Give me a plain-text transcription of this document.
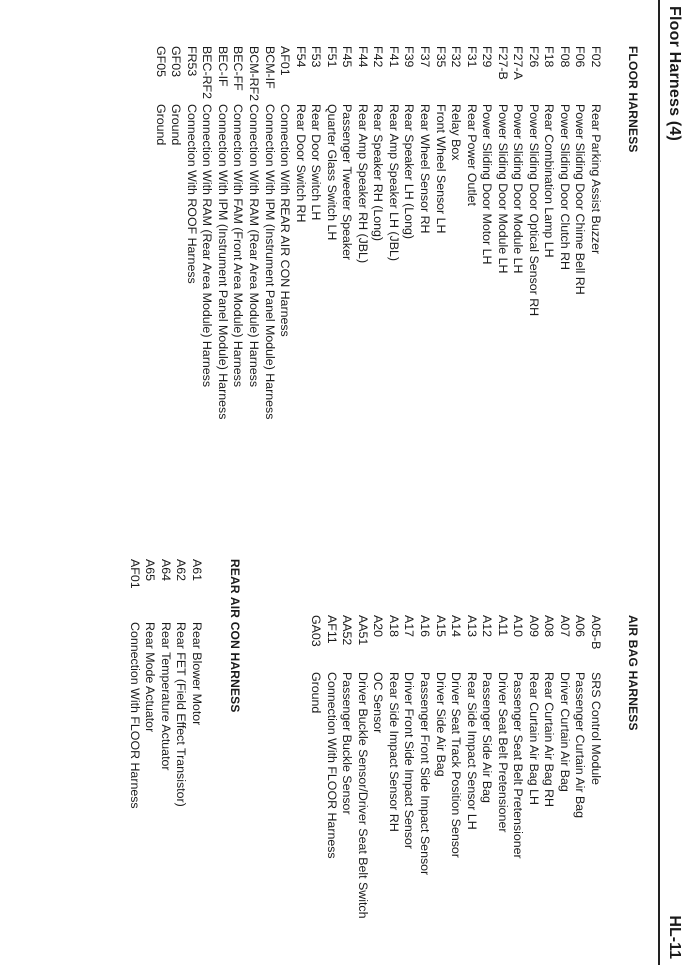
Floor Harness (4)
HL-11
FLOOR HARNESS
F02
Rear Parking Assist Buzzer
F06
Power Sliding Door Chime Bell RH
F08
Power Sliding Door Clutch RH
F18
Rear Combination Lamp LH
F26
Power Sliding Door Optical Sensor RH
F27-A
Power Sliding Door Module LH
F27-B
Power Sliding Door Module LH
F29
Power Sliding Door Motor LH
F31
Rear Power Outlet
F32
Relay Box
F35
Front Wheel Sensor LH
F37
Rear Wheel Sensor RH
F39
Rear Speaker LH (Long)
F41
Rear Amp Speaker LH (JBL)
F42
Rear Speaker RH (Long)
F44
Rear Amp Speaker RH (JBL)
F45
Passenger Tweeter Speaker
F51
Quarter Glass Switch LH
F53
Rear Door Switch LH
F54
Rear Door Switch RH
AF01
Connection With REAR AIR CON Harness
BCM-IF
Connection With IPM (Instrument Panel Module) Harness
BCM-RF2
Connection With RAM (Rear Area Module) Harness
BEC-FF
Connection With FAM (Front Area Module) Harness
BEC-IF
Connection With IPM (Instrument Panel Module) Harness
BEC-RF2
Connection With RAM (Rear Area Module) Harness
FR53
Connection With ROOF Harness
GF03
Ground
GF05
Ground
AIR BAG HARNESS
A05-B
SRS Control Module
A06
Passenger Curtain Air Bag
A07
Driver Curtain Air Bag
A08
Rear Curtain Air Bag RH
A09
Rear Curtain Air Bag LH
A10
Passenger Seat Belt Pretensioner
A11
Driver Seat Belt Pretensioner
A12
Passenger Side Air Bag
A13
Rear Side Impact Sensor LH
A14
Driver Seat Track Position Sensor
A15
Driver Side Air Bag
A16
Passenger Front Side Impact Sensor
A17
Driver Front Side Impact Sensor
A18
Rear Side Impact Sensor RH
A20
OC Sensor
AA51
Driver Buckle Sensor/Driver Seat Belt Switch
AA52
Passenger Buckle Sensor
AF11
Connection With FLOOR Harness
GA03
Ground
REAR AIR CON HARNESS
A61
Rear Blower Motor
A62
Rear FET (Field Effect Transistor)
A64
Rear Temperature Actuator
A65
Rear Mode Actuator
AF01
Connection With FLOOR Harness
